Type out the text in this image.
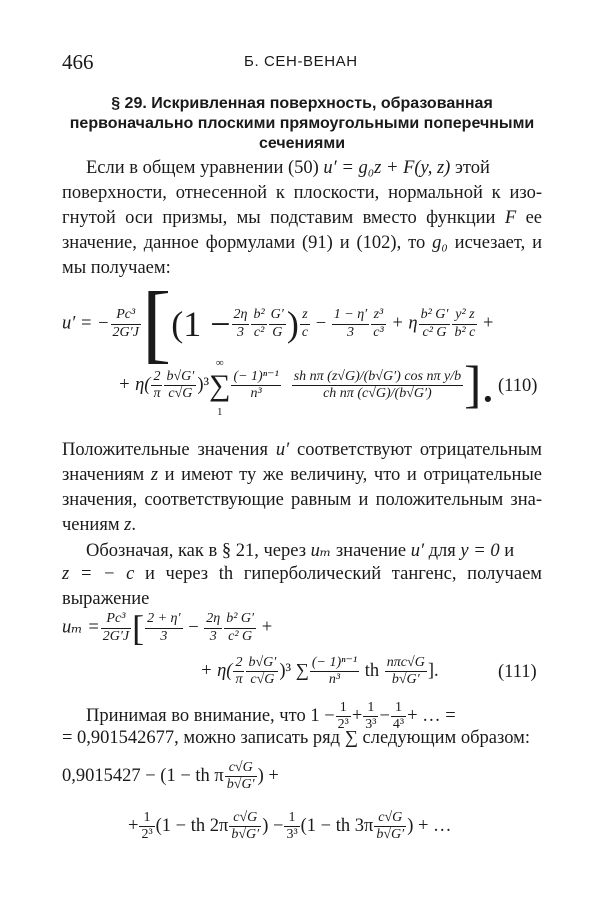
466	Б. СЕН-ВЕНАН
§ 29. Искривленная поверхность, образованная
первоначально плоскими прямоугольными поперечными
сечениями
Если в общем уравнении (50) u′ = g₀z + F(y, z) этой
поверхности, отнесенной к плоскости, нормальной к изо-
гнутой оси призмы, мы подставим вместо функции F ее
значение, данное формулами (91) и (102), то g₀ исчезает, и
мы получаем:
u′ = − $\frac{\text{Pc³}}{2G'J} [(1 - \frac{2\eta}{3} \frac{\text{b²}}{\text{c²}} \frac{G'}{G}$ ) $\frac{z}{c} - \frac{1 - \eta'}{3} \frac{\text{z³}}{\text{c³}} + \eta \frac{\text{b² G′}}{\text{c² G}} \frac{\text{y² z}}{\text{b² c}}$ +
+ $\eta( \frac{2}{\pi} \frac{b√G'}{c√G} )^3\infty$
∑
1
$\frac{\text{(− 1)ⁿ⁻¹}}{\text{n³}} \frac{\text{sh nπ (z√G)/(b√G′) cos nπ y/b}}{\text{ch nπ (c√G)/(b√G′)}}$ ]. (110)
Положительные значения u′ соответствуют отрицательным
значениям z и имеют ту же величину, что и отрицательные
значения, соответствующие равным и положительным зна-
чениям z.
Обозначая, как в § 21, через uₘ значение u′ для y = 0 и
z = − c и через th гиперболический тангенс, получаем
выражение
$u_m = \frac{\text{Pc³}}{2G'J}$ [ $\frac{2 + \eta'}{3} - \frac{2\eta}{3} \frac{\text{b² G′}}{\text{c² G}}$ +
+ $\eta( \frac{2}{\pi} \frac{b√G'}{c√G} )^3$ ∑ $\frac{\text{(− 1)ⁿ⁻¹}}{\text{n³}}$ th $\frac{\text{nπc√G}}{b√G'}$ ].	(111)
Принимая во внимание, что $1 - \frac{1}{\text{2³}} + \frac{1}{\text{3³}} - \frac{1}{\text{4³}}$ + … =
= 0,901542677, можно записать ряд ∑ следующим образом:
0,9015427 − (1 − th π $\frac{c√G}{b√G'}$ ) +
+ $\frac{1}{\text{2³}} (1$ − th $2\pi \frac{c√G}{b√G'}$ ) − $\frac{1}{\text{3³}} (1$ − th $3\pi \frac{c√G}{b√G'}$ ) + …
